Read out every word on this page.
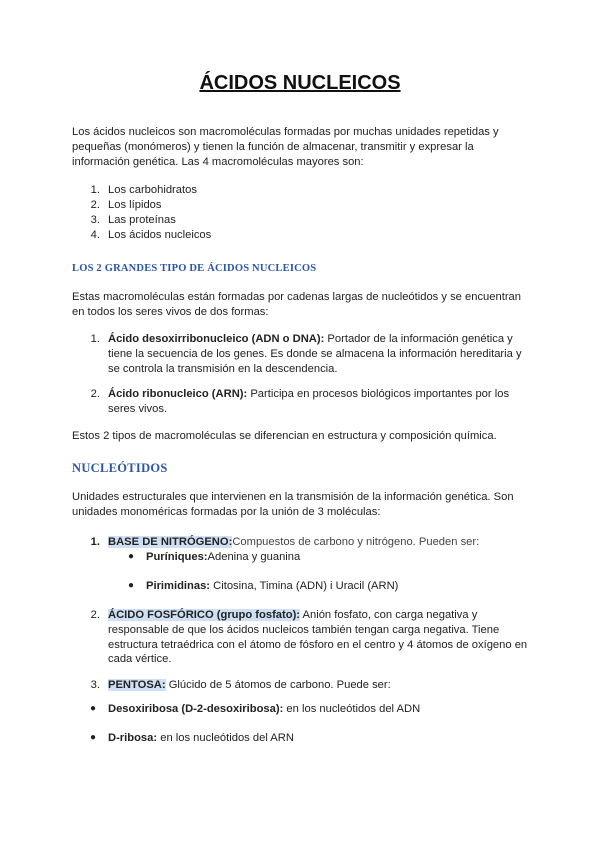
ÁCIDOS NUCLEICOS

Los ácidos nucleicos son macromoléculas formadas por muchas unidades repetidas y pequeñas (monómeros) y tienen la función de almacenar, transmitir y expresar la información genética. Las 4 macromoléculas mayores son:

1. Los carbohidratos
2. Los lípidos
3. Las proteínas
4. Los ácidos nucleicos
LOS 2 GRANDES TIPO DE ÁCIDOS NUCLEICOS

Estas macromoléculas están formadas por cadenas largas de nucleótidos y se encuentran en todos los seres vivos de dos formas:

1. Ácido desoxirribonucleico (ADN o DNA): Portador de la información genética y tiene la secuencia de los genes. Es donde se almacena la información hereditaria y se controla la transmisión en la descendencia.

2. Ácido ribonucleico (ARN): Participa en procesos biológicos importantes por los seres vivos.

Estos 2 tipos de macromoléculas se diferencian en estructura y composición química.

NUCLEÓTIDOS

Unidades estructurales que intervienen en la transmisión de la información genética. Son unidades monoméricas formadas por la unión de 3 moléculas:

1. BASE DE NITRÓGENO:Compuestos de carbono y nitrógeno. Pueden ser:

● Puríniques:Adenina y guanina

● Pirimidinas: Citosina, Timina (ADN) i Uracil (ARN)

2. ÁCIDO FOSFÓRICO (grupo fosfato): Anión fosfato, con carga negativa y responsable de que los ácidos nucleicos también tengan carga negativa. Tiene estructura tetraédrica con el átomo de fósforo en el centro y 4 átomos de oxígeno en cada vértice.

3. PENTOSA: Glúcido de 5 átomos de carbono. Puede ser:

● Desoxiribosa (D-2-desoxiribosa): en los nucleótidos del ADN

● D-ribosa: en los nucleótidos del ARN
